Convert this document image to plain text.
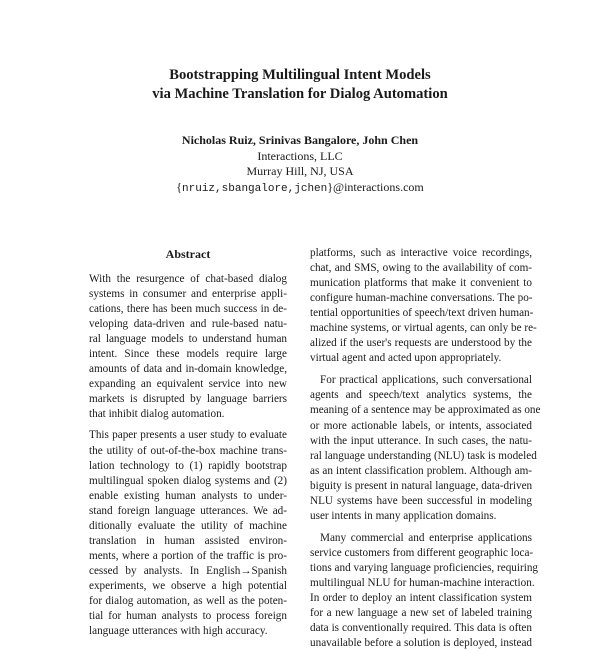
Bootstrapping Multilingual Intent Models
via Machine Translation for Dialog Automation
Nicholas Ruiz, Srinivas Bangalore, John Chen
Interactions, LLC
Murray Hill, NJ, USA
{nruiz,sbangalore,jchen}@interactions.com
Abstract
With the resurgence of chat-based dialog
systems in consumer and enterprise appli-
cations, there has been much success in de-
veloping data-driven and rule-based natu-
ral language models to understand human
intent. Since these models require large
amounts of data and in-domain knowledge,
expanding an equivalent service into new
markets is disrupted by language barriers
that inhibit dialog automation.
This paper presents a user study to evaluate
the utility of out-of-the-box machine trans-
lation technology to (1) rapidly bootstrap
multilingual spoken dialog systems and (2)
enable existing human analysts to under-
stand foreign language utterances. We ad-
ditionally evaluate the utility of machine
translation in human assisted environ-
ments, where a portion of the traffic is pro-
cessed by analysts. In English→Spanish
experiments, we observe a high potential
for dialog automation, as well as the poten-
tial for human analysts to process foreign
language utterances with high accuracy.
platforms, such as interactive voice recordings,
chat, and SMS, owing to the availability of com-
munication platforms that make it convenient to
configure human-machine conversations. The po-
tential opportunities of speech/text driven human-
machine systems, or virtual agents, can only be re-
alized if the user's requests are understood by the
virtual agent and acted upon appropriately.
For practical applications, such conversational
agents and speech/text analytics systems, the
meaning of a sentence may be approximated as one
or more actionable labels, or intents, associated
with the input utterance. In such cases, the natu-
ral language understanding (NLU) task is modeled
as an intent classification problem. Although am-
biguity is present in natural language, data-driven
NLU systems have been successful in modeling
user intents in many application domains.
Many commercial and enterprise applications
service customers from different geographic loca-
tions and varying language proficiencies, requiring
multilingual NLU for human-machine interaction.
In order to deploy an intent classification system
for a new language a new set of labeled training
data is conventionally required. This data is often
unavailable before a solution is deployed, instead
